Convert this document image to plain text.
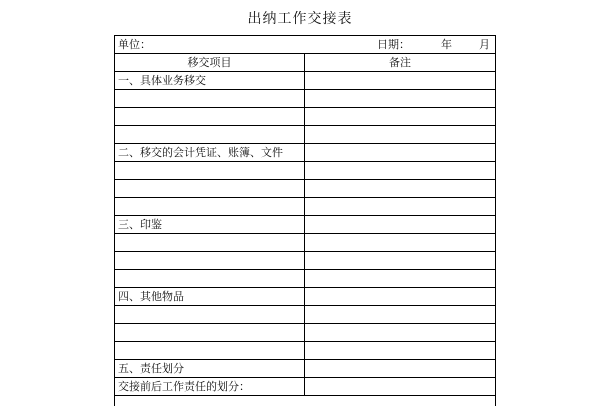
出纳工作交接表
单位：	日期：	年 月
移交项目	备注
一、具体业务移交
二、移交的会计凭证、账簿、文件
三、印鉴
四、其他物品
五、责任划分
交接前后工作责任的划分：
